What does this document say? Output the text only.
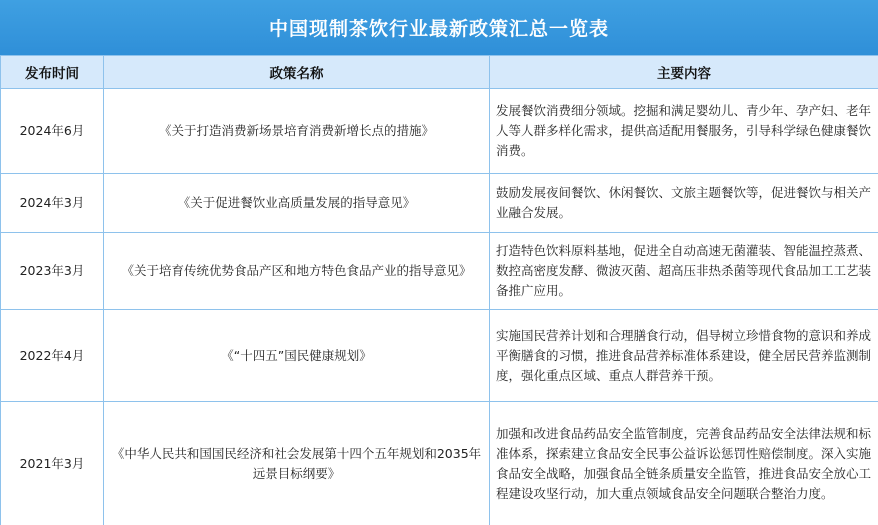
中国现制茶饮行业最新政策汇总一览表
发布时间	政策名称	主要内容
2024年6月	《关于打造消费新场景培育消费新增长点的措施》	发展餐饮消费细分领域。挖掘和满足婴幼儿、青少年、孕产妇、老年人等人群多样化需求，提供高适配用餐服务，引导科学绿色健康餐饮消费。
2024年3月	《关于促进餐饮业高质量发展的指导意见》	鼓励发展夜间餐饮、休闲餐饮、文旅主题餐饮等，促进餐饮与相关产业融合发展。
2023年3月	《关于培育传统优势食品产区和地方特色食品产业的指导意见》	打造特色饮料原料基地，促进全自动高速无菌灌装、智能温控蒸煮、数控高密度发酵、微波灭菌、超高压非热杀菌等现代食品加工工艺装备推广应用。
2022年4月	《“十四五”国民健康规划》	实施国民营养计划和合理膳食行动，倡导树立珍惜食物的意识和养成平衡膳食的习惯，推进食品营养标准体系建设，健全居民营养监测制度，强化重点区域、重点人群营养干预。
2021年3月	《中华人民共和国国民经济和社会发展第十四个五年规划和2035年远景目标纲要》	加强和改进食品药品安全监管制度，完善食品药品安全法律法规和标准体系，探索建立食品安全民事公益诉讼惩罚性赔偿制度。深入实施食品安全战略，加强食品全链条质量安全监管，推进食品安全放心工程建设攻坚行动，加大重点领域食品安全问题联合整治力度。
